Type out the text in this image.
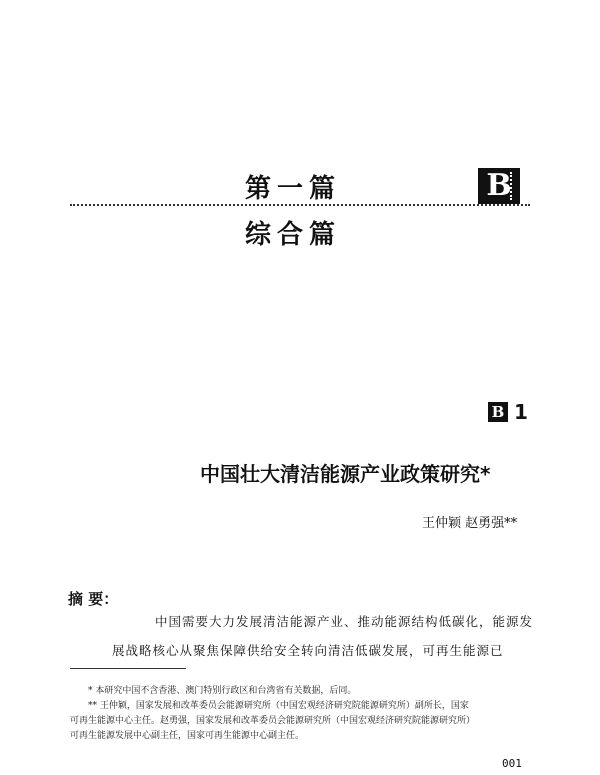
第一篇	B
综合篇
B 1
中国壮大清洁能源产业政策研究*
王仲颖 赵勇强**
摘 要：
中国需要大力发展清洁能源产业、推动能源结构低碳化，能源发
展战略核心从聚焦保障供给安全转向清洁低碳发展，可再生能源已
* 本研究中国不含香港、澳门特别行政区和台湾省有关数据，后同。
** 王仲颖，国家发展和改革委员会能源研究所（中国宏观经济研究院能源研究所）副所长，国家
可再生能源中心主任。赵勇强，国家发展和改革委员会能源研究所（中国宏观经济研究院能源研究所）
可再生能源发展中心副主任，国家可再生能源中心副主任。
001
